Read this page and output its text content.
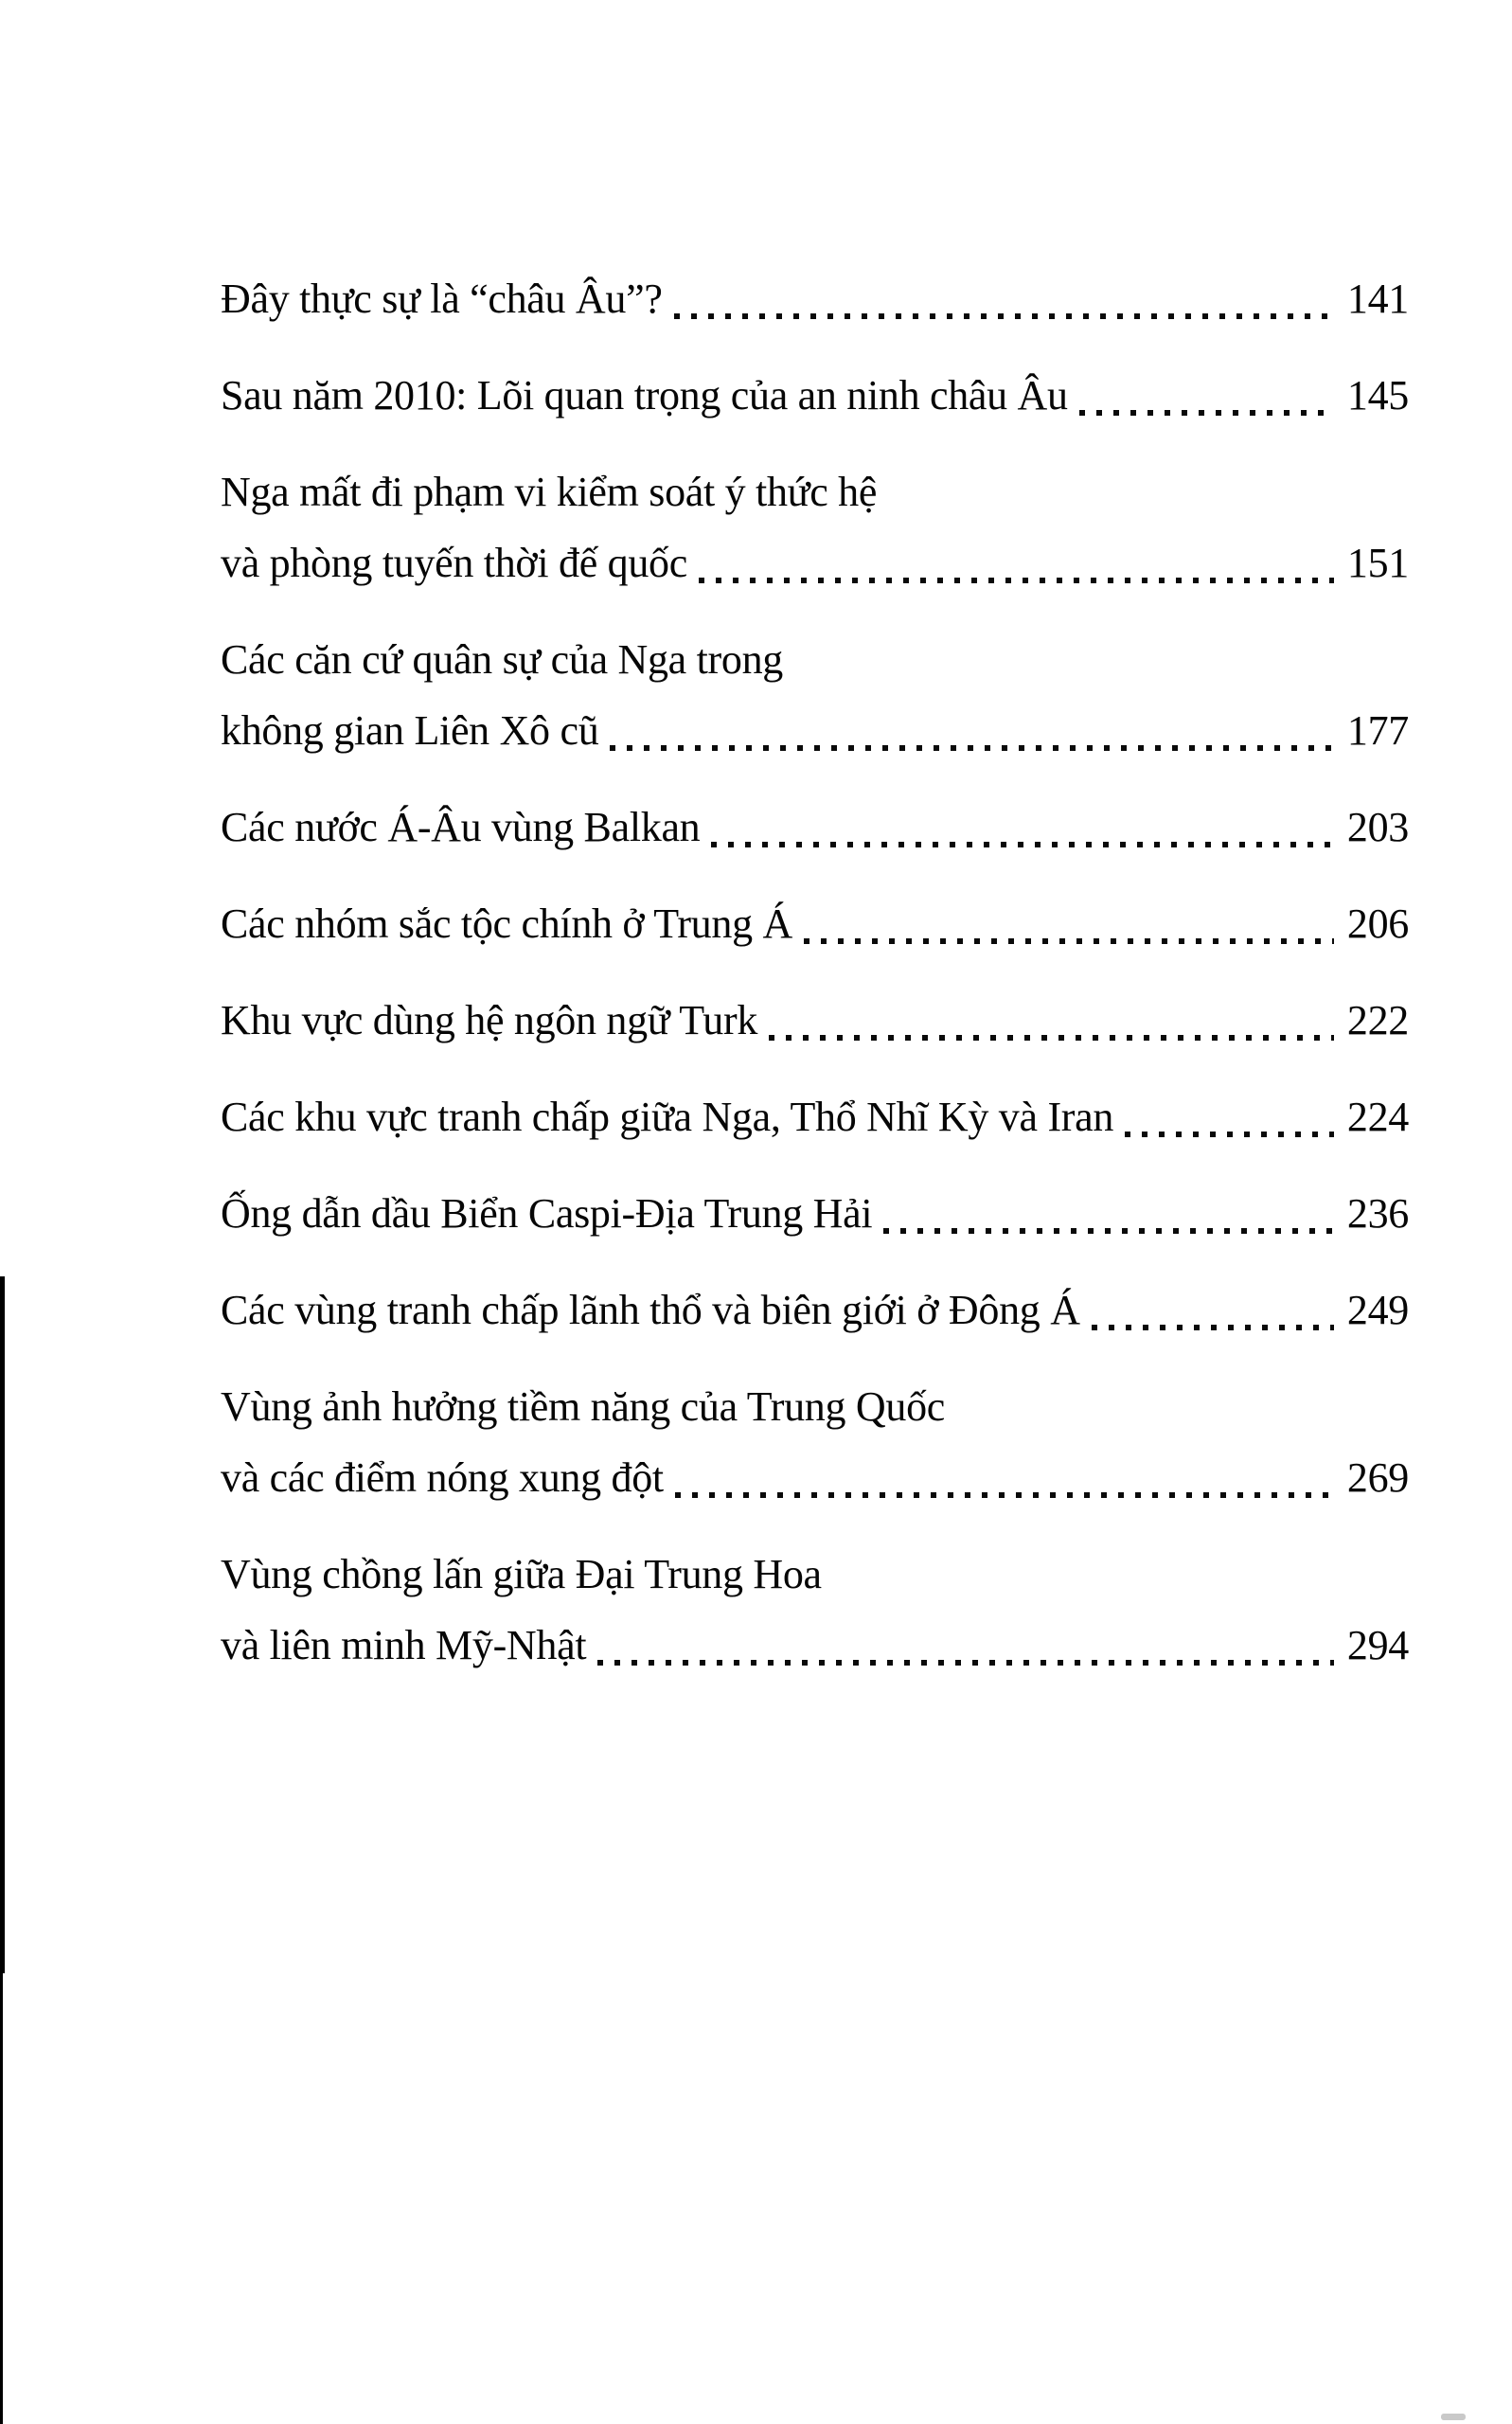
Đây thực sự là “châu Âu”?	141
Sau năm 2010: Lõi quan trọng của an ninh châu Âu	145
Nga mất đi phạm vi kiểm soát ý thức hệ
và phòng tuyến thời đế quốc	151
Các căn cứ quân sự của Nga trong
không gian Liên Xô cũ	177
Các nước Á-Âu vùng Balkan	203
Các nhóm sắc tộc chính ở Trung Á	206
Khu vực dùng hệ ngôn ngữ Turk	222
Các khu vực tranh chấp giữa Nga, Thổ Nhĩ Kỳ và Iran	224
Ống dẫn dầu Biển Caspi-Địa Trung Hải	236
Các vùng tranh chấp lãnh thổ và biên giới ở Đông Á	249
Vùng ảnh hưởng tiềm năng của Trung Quốc
và các điểm nóng xung đột	269
Vùng chồng lấn giữa Đại Trung Hoa
và liên minh Mỹ-Nhật	294
